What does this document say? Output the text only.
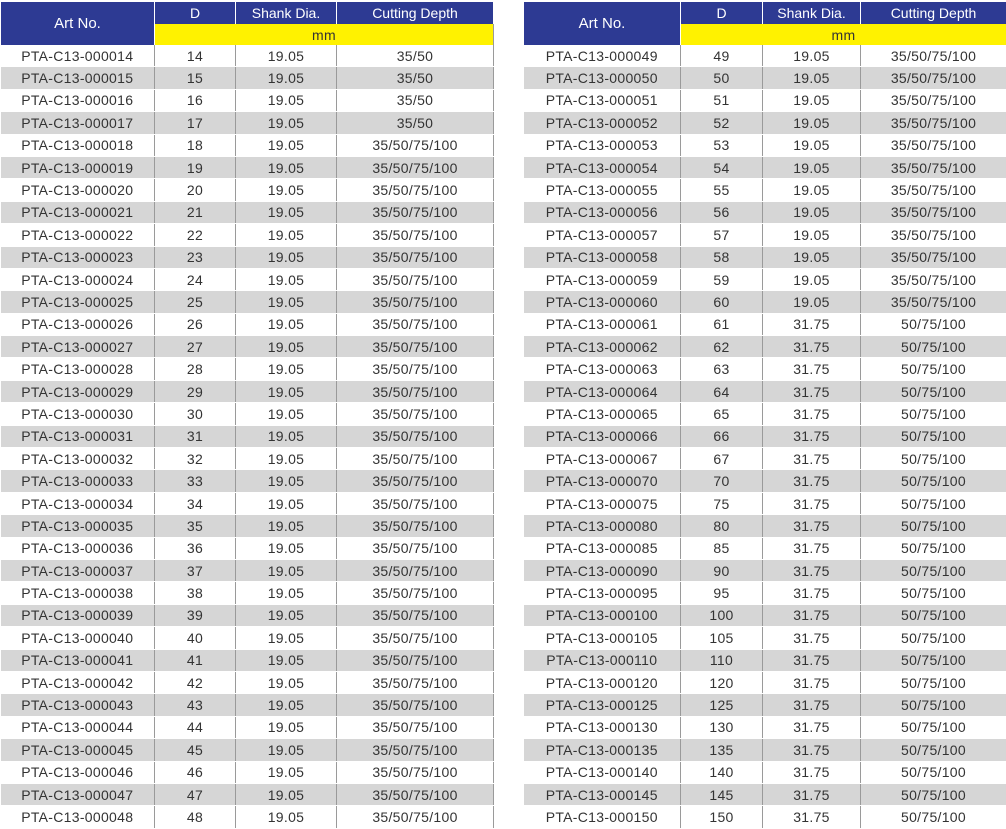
Art No.	D	Shank Dia.	Cutting Depth
	mm		
PTA-C13-000014	14	19.05	35/50
PTA-C13-000015	15	19.05	35/50
PTA-C13-000016	16	19.05	35/50
PTA-C13-000017	17	19.05	35/50
PTA-C13-000018	18	19.05	35/50/75/100
PTA-C13-000019	19	19.05	35/50/75/100
PTA-C13-000020	20	19.05	35/50/75/100
PTA-C13-000021	21	19.05	35/50/75/100
PTA-C13-000022	22	19.05	35/50/75/100
PTA-C13-000023	23	19.05	35/50/75/100
PTA-C13-000024	24	19.05	35/50/75/100
PTA-C13-000025	25	19.05	35/50/75/100
PTA-C13-000026	26	19.05	35/50/75/100
PTA-C13-000027	27	19.05	35/50/75/100
PTA-C13-000028	28	19.05	35/50/75/100
PTA-C13-000029	29	19.05	35/50/75/100
PTA-C13-000030	30	19.05	35/50/75/100
PTA-C13-000031	31	19.05	35/50/75/100
PTA-C13-000032	32	19.05	35/50/75/100
PTA-C13-000033	33	19.05	35/50/75/100
PTA-C13-000034	34	19.05	35/50/75/100
PTA-C13-000035	35	19.05	35/50/75/100
PTA-C13-000036	36	19.05	35/50/75/100
PTA-C13-000037	37	19.05	35/50/75/100
PTA-C13-000038	38	19.05	35/50/75/100
PTA-C13-000039	39	19.05	35/50/75/100
PTA-C13-000040	40	19.05	35/50/75/100
PTA-C13-000041	41	19.05	35/50/75/100
PTA-C13-000042	42	19.05	35/50/75/100
PTA-C13-000043	43	19.05	35/50/75/100
PTA-C13-000044	44	19.05	35/50/75/100
PTA-C13-000045	45	19.05	35/50/75/100
PTA-C13-000046	46	19.05	35/50/75/100
PTA-C13-000047	47	19.05	35/50/75/100
PTA-C13-000048	48	19.05	35/50/75/100
Art No.	D	Shank Dia.	Cutting Depth
	mm		
PTA-C13-000049	49	19.05	35/50/75/100
PTA-C13-000050	50	19.05	35/50/75/100
PTA-C13-000051	51	19.05	35/50/75/100
PTA-C13-000052	52	19.05	35/50/75/100
PTA-C13-000053	53	19.05	35/50/75/100
PTA-C13-000054	54	19.05	35/50/75/100
PTA-C13-000055	55	19.05	35/50/75/100
PTA-C13-000056	56	19.05	35/50/75/100
PTA-C13-000057	57	19.05	35/50/75/100
PTA-C13-000058	58	19.05	35/50/75/100
PTA-C13-000059	59	19.05	35/50/75/100
PTA-C13-000060	60	19.05	35/50/75/100
PTA-C13-000061	61	31.75	50/75/100
PTA-C13-000062	62	31.75	50/75/100
PTA-C13-000063	63	31.75	50/75/100
PTA-C13-000064	64	31.75	50/75/100
PTA-C13-000065	65	31.75	50/75/100
PTA-C13-000066	66	31.75	50/75/100
PTA-C13-000067	67	31.75	50/75/100
PTA-C13-000070	70	31.75	50/75/100
PTA-C13-000075	75	31.75	50/75/100
PTA-C13-000080	80	31.75	50/75/100
PTA-C13-000085	85	31.75	50/75/100
PTA-C13-000090	90	31.75	50/75/100
PTA-C13-000095	95	31.75	50/75/100
PTA-C13-000100	100	31.75	50/75/100
PTA-C13-000105	105	31.75	50/75/100
PTA-C13-000110	110	31.75	50/75/100
PTA-C13-000120	120	31.75	50/75/100
PTA-C13-000125	125	31.75	50/75/100
PTA-C13-000130	130	31.75	50/75/100
PTA-C13-000135	135	31.75	50/75/100
PTA-C13-000140	140	31.75	50/75/100
PTA-C13-000145	145	31.75	50/75/100
PTA-C13-000150	150	31.75	50/75/100
